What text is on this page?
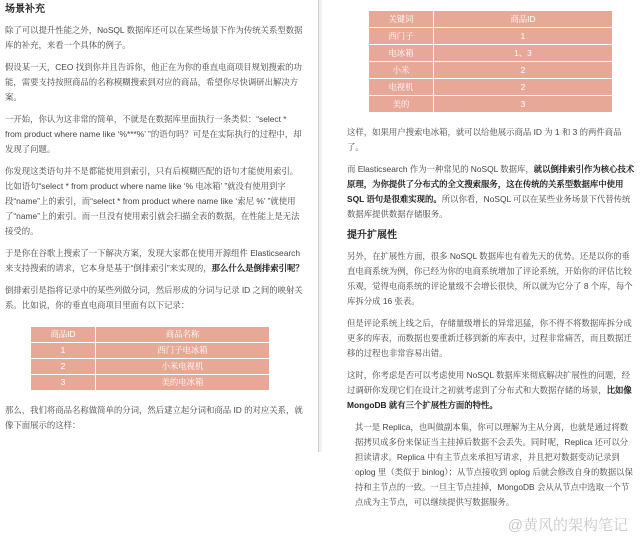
场景补充
除了可以提升性能之外，NoSQL 数据库还可以在某些场景下作为传统关系型数据库的补充，来看一个具体的例子。
假设某一天，CEO 找到你并且告诉你，他正在为你的垂直电商项目规划搜索的功能，需要支持按照商品的名称模糊搜索到对应的商品，希望你尽快调研出解决方案。
一开始，你认为这非常的简单，不就是在数据库里面执行一条类似：“select * from product where name like ‘%***%’ ”的语句吗？可是在实际执行的过程中，却发现了问题。
你发现这类语句并不是都能使用到索引，只有后模糊匹配的语句才能使用索引。比如语句“select * from product where name like ‘% 电冰箱’ ”就没有使用到字段“name”上的索引，而“select * from product where name like ‘索尼 %’ ”就使用了“name”上的索引。而一旦没有使用索引就会扫描全表的数据，在性能上是无法接受的。
于是你在谷歌上搜索了一下解决方案，发现大家都在使用开源组件 Elasticsearch 来支持搜索的请求，它本身是基于“倒排索引”来实现的，那么什么是倒排索引呢？
倒排索引是指将记录中的某些列做分词，然后形成的分词与记录 ID 之间的映射关系。比如说，你的垂直电商项目里面有以下记录：
商品ID	商品名称
1	西门子电冰箱
2	小米电视机
3	美的电冰箱
那么，我们将商品名称做简单的分词，然后建立起分词和商品 ID 的对应关系，就像下面展示的这样：
关键词	商品ID
西门子	1
电冰箱	1、3
小米	2
电视机	2
美的	3
这样，如果用户搜索电冰箱，就可以给他展示商品 ID 为 1 和 3 的两件商品了。
而 Elasticsearch 作为一种常见的 NoSQL 数据库，就以倒排索引作为核心技术原理，为你提供了分布式的全文搜索服务，这在传统的关系型数据库中使用 SQL 语句是很难实现的。所以你看，NoSQL 可以在某些业务场景下代替传统数据库提供数据存储服务。
提升扩展性
另外，在扩展性方面，很多 NoSQL 数据库也有着先天的优势。还是以你的垂直电商系统为例，你已经为你的电商系统增加了评论系统，开始你的评估比较乐观，觉得电商系统的评论量级不会增长很快，所以就为它分了 8 个库，每个库拆分成 16 张表。
但是评论系统上线之后，存储量级增长的异常迅猛，你不得不将数据库拆分成更多的库表，而数据也要重新迁移到新的库表中，过程非常痛苦，而且数据迁移的过程也非常容易出错。
这时，你考虑是否可以考虑使用 NoSQL 数据库来彻底解决扩展性的问题，经过调研你发现它们在设计之初就考虑到了分布式和大数据存储的场景，比如像 MongoDB 就有三个扩展性方面的特性。
其一是 Replica，也叫做副本集，你可以理解为主从分离，也就是通过将数据拷贝成多份来保证当主挂掉后数据不会丢失。同时呢，Replica 还可以分担读请求。Replica 中有主节点来承担写请求，并且把对数据变动记录到 oplog 里（类似于 binlog）；从节点接收到 oplog 后就会修改自身的数据以保持和主节点的一致。一旦主节点挂掉，MongoDB 会从从节点中选取一个节点成为主节点，可以继续提供写数据服务。
@黄风的架构笔记
